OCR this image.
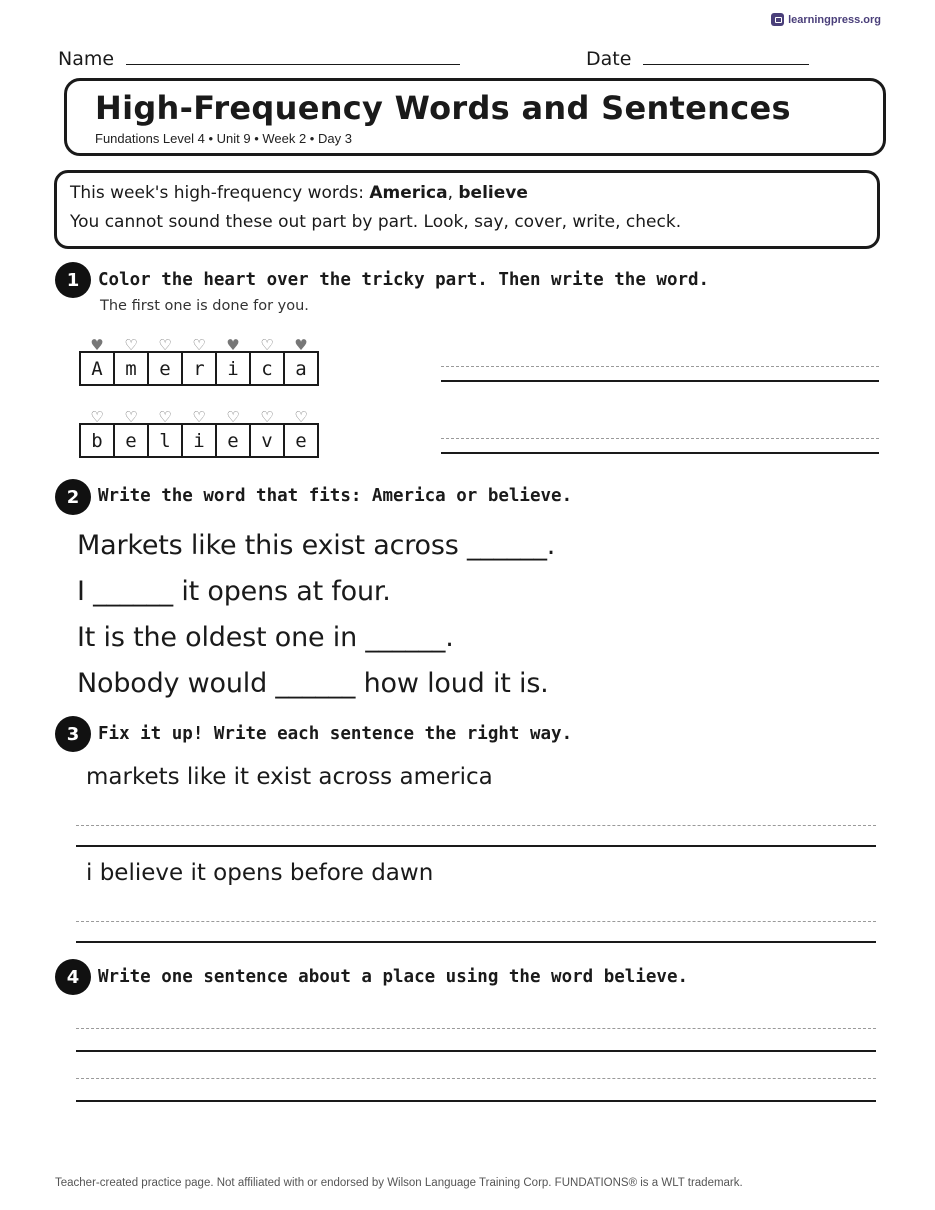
learningpress.org
Name	Date
High-Frequency Words and Sentences
Fundations Level 4 • Unit 9 • Week 2 • Day 3
This week's high-frequency words: America, believe
You cannot sound these out part by part. Look, say, cover, write, check.
1	Color the heart over the tricky part. Then write the word.
The first one is done for you.
♥	♡	♡	♡	♥	♡	♥
A	m	e	r	i	c	a
♡	♡	♡	♡	♡	♡	♡
b	e	l	i	e	v	e
2	Write the word that fits: America or believe.
Markets like this exist across ______.
I ______ it opens at four.
It is the oldest one in ______.
Nobody would ______ how loud it is.
3	Fix it up! Write each sentence the right way.
markets like it exist across america
i believe it opens before dawn
4	Write one sentence about a place using the word believe.
Teacher-created practice page. Not affiliated with or endorsed by Wilson Language Training Corp. FUNDATIONS® is a WLT trademark.
